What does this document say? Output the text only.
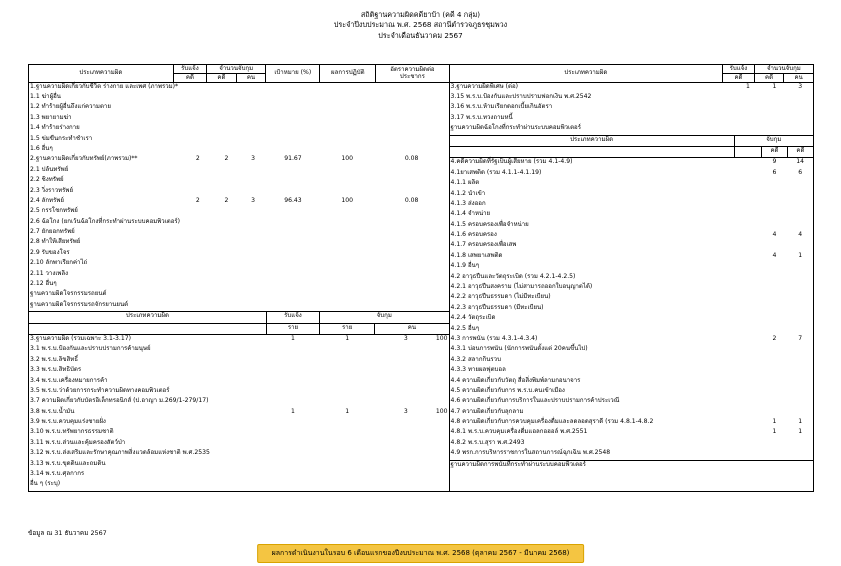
สถิติฐานความผิดคดียาบ้า (คดี 4 กลุ่ม)
ประจำปีงบประมาณ พ.ศ. 2568 สถานีตำรวจภูธรชุมพวง
ประจำเดือนธันวาคม 2567
ประเภทความผิด	รับแจ้ง	จำนวนจับกุม	เป้าหมาย (%)	ผลการปฏิบัติ	อัตราความผิดต่อประชากร	ประเภทความผิด	รับแจ้ง	จำนวนจับกุม
คดี	คดี	คน	คดี	คดี	คน

1.ฐานความผิดเกี่ยวกับชีวิต ร่างกาย และเพศ (ภาพรวม)*						
1.1 ฆ่าผู้อื่น						
1.2 ทำร้ายผู้อื่นถึงแก่ความตาย						
1.3 พยายามฆ่า						
1.4 ทำร้ายร่างกาย						
1.5 ข่มขืนกระทำชำเรา						
1.6 อื่นๆ						
2.ฐานความผิดเกี่ยวกับทรัพย์(ภาพรวม)**	2	2	3	91.67	100	0.08
2.1 ปล้นทรัพย์						
2.2 ชิงทรัพย์						
2.3 วิ่งราวทรัพย์						
2.4 ลักทรัพย์	2	2	3	96.43	100	0.08
2.5 กรรโชกทรัพย์						
2.6 ฉ้อโกง (ยกเว้นฉ้อโกงที่กระทำผ่านระบบคอมพิวเตอร์)						
2.7 ยักยอกทรัพย์						
2.8 ทำให้เสียทรัพย์						
2.9 รับของโจร						
2.10 ลักพาเรียกค่าไถ่						
2.11 วางเพลิง						
2.12 อื่นๆ						
ฐานความผิดโจรกรรมรถยนต์						
ฐานความผิดโจรกรรมรถจักรยานยนต์						
ประเภทความผิด	รับแจ้ง	จับกุม
	ราย	ราย	คน
3.ฐานความผิด (รวมเฉพาะ 3.1-3.17)	1	1	3	100

3.1 พ.ร.บ.ป้องกันและปราบปรามการค้ามนุษย์			
3.2 พ.ร.บ.ลิขสิทธิ์			
3.3 พ.ร.บ.สิทธิบัตร			
3.4 พ.ร.บ.เครื่องหมายการค้า			
3.5 พ.ร.บ.ว่าด้วยการกระทำความผิดทางคอมพิวเตอร์			
3.7 ความผิดเกี่ยวกับบัตรอิเล็กทรอนิกส์ (ป.อาญา ม.269/1-279/17)			
3.8 พ.ร.บ.น้ำมัน	1	1	3	100

3.9 พ.ร.บ.ควบคุมแร่งชายฝั่ง			
3.10 พ.ร.บ.ทรัพยากรธรรมชาติ			
3.11 พ.ร.บ.ส่วนและคุ้มครองสัตว์ป่า			
3.12 พ.ร.บ.ส่งเสริมและรักษาคุณภาพสิ่งแวดล้อมแห่งชาติ พ.ศ.2535			
3.13 พ.ร.บ.ขุดดินและถมดิน			
3.14 พ.ร.บ.ศุลกากร			
อื่น ๆ (ระบุ)			

3.ฐานความผิดพิเศษ (ต่อ)	1	1	3
3.15 พ.ร.บ.ป้องกันและปราบปรามฟอกเงิน พ.ศ.2542			
3.16 พ.ร.บ.ห้ามเรียกดอกเบี้ยเกินอัตรา			
3.17 พ.ร.บ.ทวงถามหนี้			
ฐานความผิดฉ้อโกงที่กระทำผ่านระบบคอมพิวเตอร์			
ประเภทความผิด	จับกุม
		คดี	คดี
4.คดีความผิดที่รัฐเป็นผู้เสียหาย (รวม 4.1-4.9)		9	14
4.1ยาเสพติด (รวม 4.1.1-4.1.19)		6	6
4.1.1 ผลิต			
4.1.2 นำเข้า			
4.1.3 ส่งออก			
4.1.4 จำหน่าย			
4.1.5 ครอบครองเพื่อจำหน่าย			
4.1.6 ครอบครอง		4	4
4.1.7 ครอบครองเพื่อเสพ			
4.1.8 เสพยาเสพติด		4	1
4.1.9 อื่นๆ			
4.2 อาวุธปืนและวัตถุระเบิด (รวม 4.2.1-4.2.5)			
4.2.1 อาวุธปืนสงคราม (ไม่สามารถออกใบอนุญาตได้)			
4.2.2 อาวุธปืนธรรมดา (ไม่มีทะเบียน)			
4.2.3 อาวุธปืนธรรมดา (มีทะเบียน)			
4.2.4 วัตถุระเบิด			
4.2.5 อื่นๆ			
4.3 การพนัน (รวม 4.3.1-4.3.4)		2	7
4.3.1 บ่อนการพนัน (นักการพนันตั้งแต่ 20คนขึ้นไป)			
4.3.2 สลากกินรวบ			
4.3.3 ทายผลฟุตบอล			
4.4 ความผิดเกี่ยวกับวัตถุ สื่อสิ่งพิมพ์ลามกอนาจาร			
4.5 ความผิดเกี่ยวกับการ พ.ร.บ.คนเข้าเมือง			
4.6 ความผิดเกี่ยวกับการบริการในและปราบปรามการค้าประเวณี			
4.7 ความผิดเกี่ยวกับลุกลาม			
4.8 ความผิดเกี่ยวกับการควบคุมเครื่องดื่มและลดลอดสุราดี (รวม 4.8.1-4.8.2		1	1
4.8.1 พ.ร.บ.ควบคุมเครื่องดื่มแอลกอฮอล์ พ.ศ.2551		1	1
4.8.2 พ.ร.บ.สุรา พ.ศ.2493			
4.9 พรก.การบริหารราชการในสถานการณ์ฉุกเฉิน พ.ศ.2548			
ฐานความผิดการพนันที่กระทำผ่านระบบคอมพิวเตอร์			
ข้อมูล ณ 31 ธันวาคม 2567
ผลการดำเนินงานในรอบ 6 เดือนแรกของปีงบประมาณ พ.ศ. 2568 (ตุลาคม 2567 - มีนาคม 2568)
